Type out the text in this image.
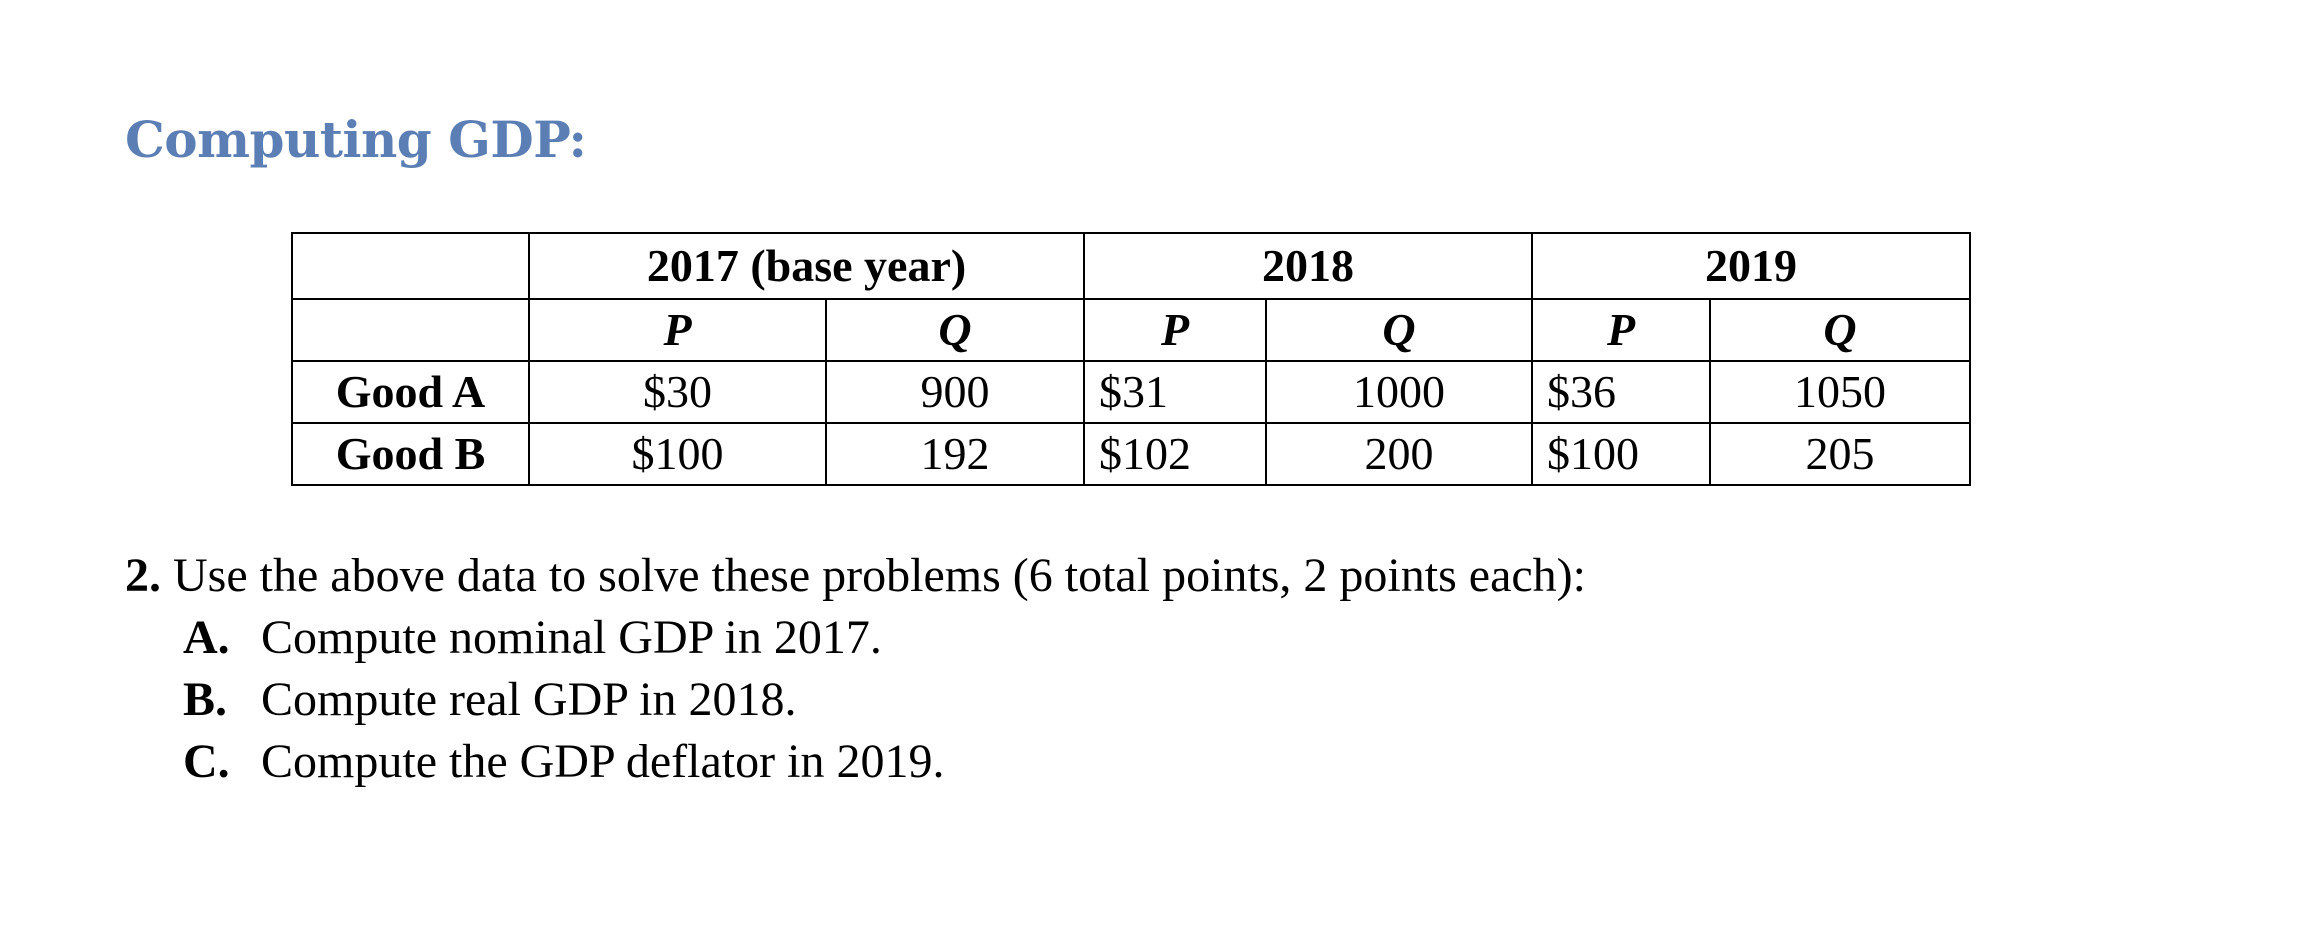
Computing GDP:
	2017 (base year)		2018		2019	
	P	Q	P	Q	P	Q
Good A	$30	900	$31	1000	$36	1050
Good B	$100	192	$102	200	$100	205
2. Use the above data to solve these problems (6 total points, 2 points each):
A. Compute nominal GDP in 2017.
B. Compute real GDP in 2018.
C. Compute the GDP deflator in 2019.
